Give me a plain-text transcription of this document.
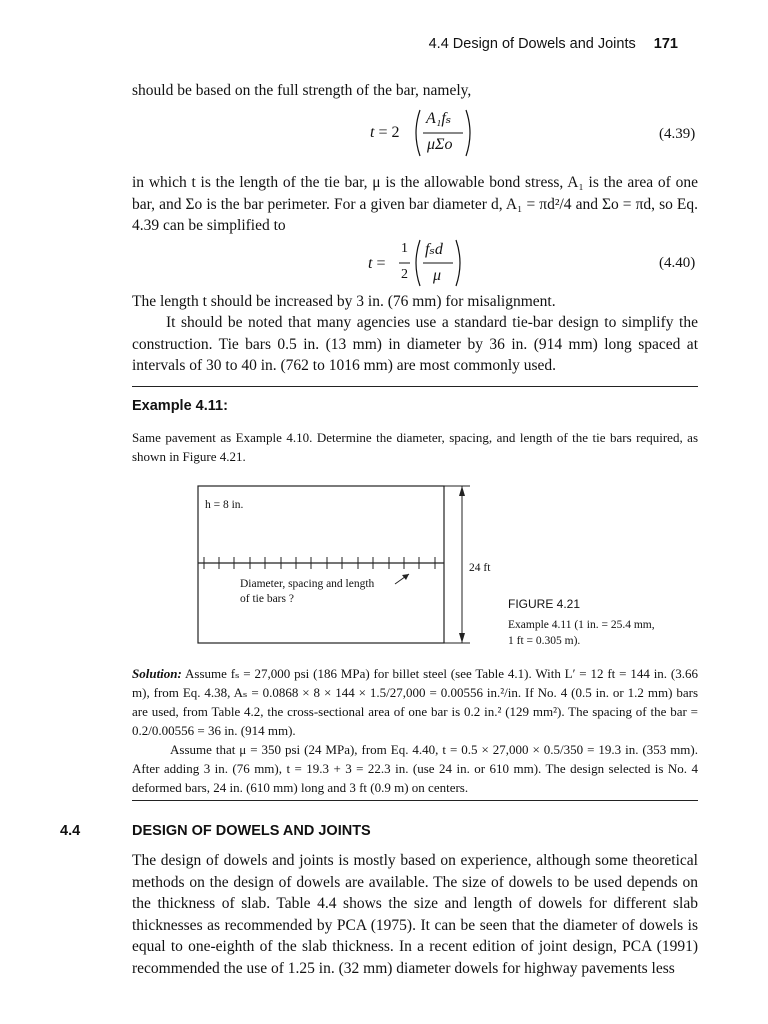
4.4 Design of Dowels and Joints 171
should be based on the full strength of the bar, namely,
t = 2
A₁fₛ
μΣo
(4.39)
in which t is the length of the tie bar, μ is the allowable bond stress, A₁ is the area of one bar, and Σo is the bar perimeter. For a given bar diameter d, A₁ = πd²/4 and Σo = πd, so Eq. 4.39 can be simplified to
t =
1
2
fₛd
μ
(4.40)
The length t should be increased by 3 in. (76 mm) for misalignment.
It should be noted that many agencies use a standard tie-bar design to simplify the construction. Tie bars 0.5 in. (13 mm) in diameter by 36 in. (914 mm) long spaced at intervals of 30 to 40 in. (762 to 1016 mm) are most commonly used.
Example 4.11:
Same pavement as Example 4.10. Determine the diameter, spacing, and length of the tie bars required, as shown in Figure 4.21.
h = 8 in.
Diameter, spacing and length
of tie bars ?
24 ft
FIGURE 4.21
Example 4.11 (1 in. = 25.4 mm,
1 ft = 0.305 m).
Solution: Assume fₛ = 27,000 psi (186 MPa) for billet steel (see Table 4.1). With L′ = 12 ft = 144 in. (3.66 m), from Eq. 4.38, Aₛ = 0.0868 × 8 × 144 × 1.5/27,000 = 0.00556 in.²/in. If No. 4 (0.5 in. or 1.2 mm) bars are used, from Table 4.2, the cross-sectional area of one bar is 0.2 in.² (129 mm²). The spacing of the bar = 0.2/0.00556 = 36 in. (914 mm).
Assume that μ = 350 psi (24 MPa), from Eq. 4.40, t = 0.5 × 27,000 × 0.5/350 = 19.3 in. (353 mm). After adding 3 in. (76 mm), t = 19.3 + 3 = 22.3 in. (use 24 in. or 610 mm). The design selected is No. 4 deformed bars, 24 in. (610 mm) long and 3 ft (0.9 m) on centers.
4.4	DESIGN OF DOWELS AND JOINTS
The design of dowels and joints is mostly based on experience, although some theoretical methods on the design of dowels are available. The size of dowels to be used depends on the thickness of slab. Table 4.4 shows the size and length of dowels for different slab thicknesses as recommended by PCA (1975). It can be seen that the diameter of dowels is equal to one-eighth of the slab thickness. In a recent edition of joint design, PCA (1991) recommended the use of 1.25 in. (32 mm) diameter dowels for highway pavements less
